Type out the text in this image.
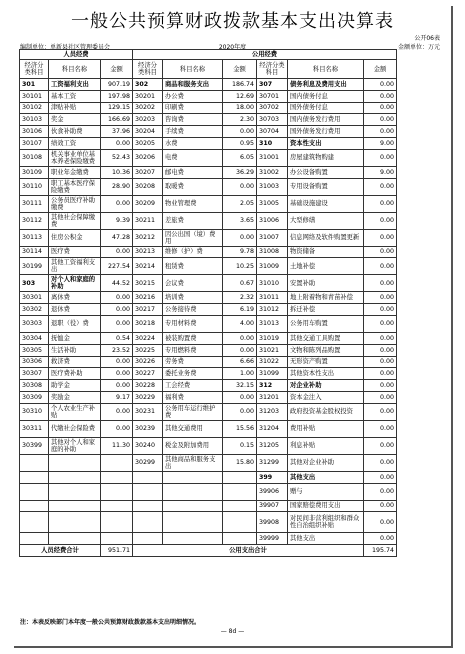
一般公共预算财政拨款基本支出决算表
公开06表
编制单位：单新县社区管理委员会	2020年度	金额单位：万元
人员经费			公用经费					
经济分类科目	科目名称	金额	经济分类科目	科目名称	金额	经济分类科目	科目名称	金额
301	工资福利支出	907.19	302	商品和服务支出	186.74	307	债务利息及费用支出	0.00
30101	基本工资	197.98	30201	办公费	12.69	30701	国内债务付息	0.00
30102	津贴补贴	129.15	30202	印刷费	18.00	30702	国外债务付息	0.00
30103	奖金	166.69	30203	咨询费	2.30	30703	国内债务发行费用	0.00
30106	伙食补助费	37.96	30204	手续费	0.00	30704	国外债务发行费用	0.00
30107	绩效工资	0.00	30205	水费	0.95	310	资本性支出	9.00
30108	机关事业单位基本养老保险缴费	52.43	30206	电费	6.05	31001	房屋建筑物购建	0.00
30109	职业年金缴费	10.36	30207	邮电费	36.29	31002	办公设备购置	9.00
30110	职工基本医疗保险缴费	28.90	30208	取暖费	0.00	31003	专用设备购置	0.00
30111	公务员医疗补助缴费	0.00	30209	物业管理费	2.05	31005	基础设施建设	0.00
30112	其他社会保障缴费	9.39	30211	差旅费	3.65	31006	大型修缮	0.00
30113	住房公积金	47.28	30212	因公出国（境）费用	0.00	31007	信息网络及软件购置更新	0.00
30114	医疗费	0.00	30213	维修（护）费	9.78	31008	物资储备	0.00
30199	其他工资福利支出	227.54	30214	租赁费	10.25	31009	土地补偿	0.00
303	对个人和家庭的补助	44.52	30215	会议费	0.67	31010	安置补助	0.00
30301	离休费	0.00	30216	培训费	2.32	31011	地上附着物和青苗补偿	0.00
30302	退休费	0.00	30217	公务接待费	6.19	31012	拆迁补偿	0.00
30303	退职（役）费	0.00	30218	专用材料费	4.00	31013	公务用车购置	0.00
30304	抚恤金	0.54	30224	被装购置费	0.00	31019	其他交通工具购置	0.00
30305	生活补助	23.52	30225	专用燃料费	0.00	31021	文物和陈列品购置	0.00
30306	救济费	0.00	30226	劳务费	6.66	31022	无形资产购置	0.00
30307	医疗费补助	0.00	30227	委托业务费	1.00	31099	其他资本性支出	0.00
30308	助学金	0.00	30228	工会经费	32.15	312	对企业补助	0.00
30309	奖励金	9.17	30229	福利费	0.00	31201	资本金注入	0.00
30310	个人农业生产补贴	0.00	30231	公务用车运行维护费	0.00	31203	政府投资基金股权投资	0.00
30311	代缴社会保险费	0.00	30239	其他交通费用	15.56	31204	费用补贴	0.00
30399	其他对个人和家庭的补助	11.30	30240	税金及附加费用	0.15	31205	利息补贴	0.00
			30299	其他商品和服务支出	15.80	31299	其他对企业补助	0.00
						399	其他支出	0.00
						39906	赠与	0.00
						39907	国家赔偿费用支出	0.00
						39908	对民间非营利组织和群众性自治组织补贴	0.00
						39999	其他支出	0.00
人员经费合计		951.71	公用支出合计					195.74
注：本表反映部门本年度一般公共预算财政拨款基本支出明细情况。
— 8d —
